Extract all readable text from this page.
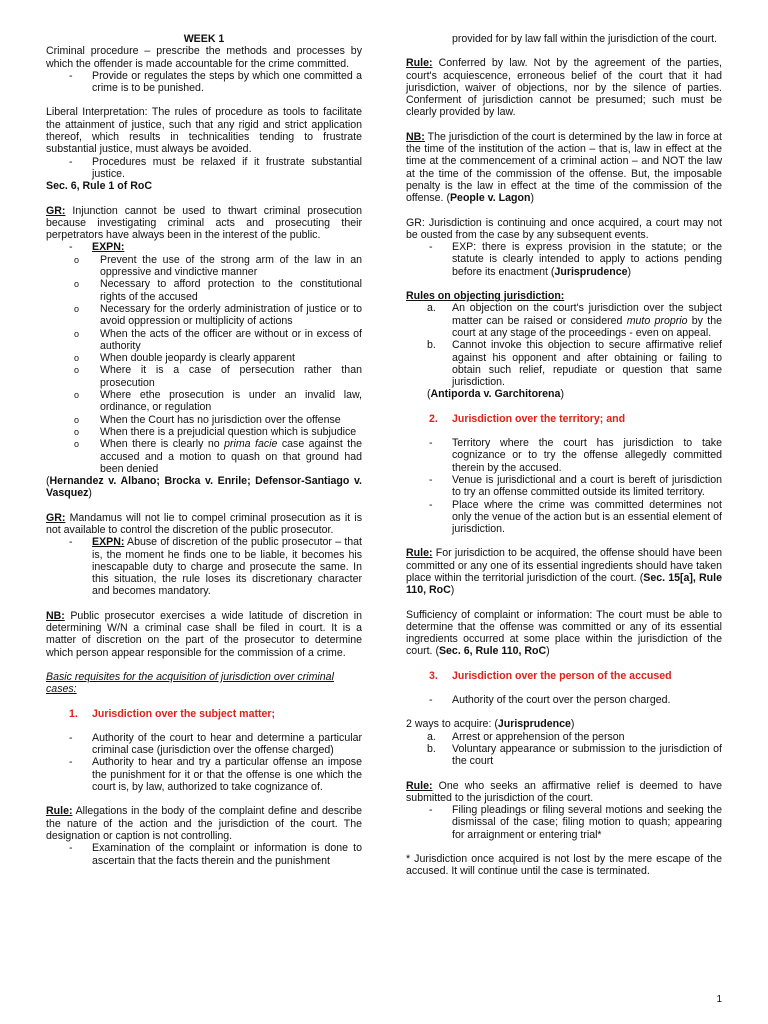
WEEK 1

Criminal procedure – prescribe the methods and processes by which the offender is made accountable for the crime committed.

-	Provide or regulates the steps by which one committed a crime is to be punished.

Liberal Interpretation: The rules of procedure as tools to facilitate the attainment of justice, such that any rigid and strict application thereof, which results in technicalities tending to frustrate substantial justice, must always be avoided.

-	Procedures must be relaxed if it frustrate substantial justice.

Sec. 6, Rule 1 of RoC

GR: Injunction cannot be used to thwart criminal prosecution because investigating criminal acts and prosecuting their perpetrators have always been in the interest of the public.

-	EXPN:
o	Prevent the use of the strong arm of the law in an oppressive and vindictive manner
o	Necessary to afford protection to the constitutional rights of the accused
o	Necessary for the orderly administration of justice or to avoid oppression or multiplicity of actions
o	When the acts of the officer are without or in excess of authority
o	When double jeopardy is clearly apparent
o	Where it is a case of persecution rather than prosecution
o	Where ethe prosecution is under an invalid law, ordinance, or regulation
o	When the Court has no jurisdiction over the offense
o	When there is a prejudicial question which is subjudice
o	When there is clearly no prima facie case against the accused and a motion to quash on that ground had been denied

(Hernandez v. Albano; Brocka v. Enrile; Defensor-Santiago v. Vasquez)

GR: Mandamus will not lie to compel criminal prosecution as it is not available to control the discretion of the public prosecutor.

-	EXPN: Abuse of discretion of the public prosecutor – that is, the moment he finds one to be liable, it becomes his inescapable duty to charge and prosecute the same. In this situation, the rule loses its discretionary character and becomes mandatory.

NB: Public prosecutor exercises a wide latitude of discretion in determining W/N a criminal case shall be filed in court. It is a matter of discretion on the part of the prosecutor to determine which person appear responsible for the commission of a crime.

Basic requisites for the acquisition of jurisdiction over criminal cases:

1.	Jurisdiction over the subject matter;
-	Authority of the court to hear and determine a particular criminal case (jurisdiction over the offense charged)
-	Authority to hear and try a particular offense an impose the punishment for it or that the offense is one which the court is, by law, authorized to take cognizance of.

Rule: Allegations in the body of the complaint define and describe the nature of the action and the jurisdiction of the court. The designation or caption is not controlling.

-	Examination of the complaint or information is done to ascertain that the facts therein and the punishment
provided for by law fall within the jurisdiction of the court.

Rule: Conferred by law. Not by the agreement of the parties, court's acquiescence, erroneous belief of the court that it had jurisdiction, waiver of objections, nor by the silence of parties. Conferment of jurisdiction cannot be presumed; such must be clearly provided by law.

NB: The jurisdiction of the court is determined by the law in force at the time of the institution of the action – that is, law in effect at the time at the commencement of a criminal action – and NOT the law at the time of the commission of the offense. But, the imposable penalty is the law in effect at the time of the commission of the offense. (People v. Lagon)

GR: Jurisdiction is continuing and once acquired, a court may not be ousted from the case by any subsequent events.

-	EXP: there is express provision in the statute; or the statute is clearly intended to apply to actions pending before its enactment (Jurisprudence)

Rules on objecting jurisdiction:

a. An objection on the court's jurisdiction over the subject matter can be raised or considered muto proprio by the court at any stage of the proceedings - even on appeal.
b. Cannot invoke this objection to secure affirmative relief against his opponent and after obtaining or failing to obtain such relief, repudiate or question that same jurisdiction.
(Antiporda v. Garchitorena)
2.	Jurisdiction over the territory; and
-	Territory where the court has jurisdiction to take cognizance or to try the offense allegedly committed therein by the accused.
-	Venue is jurisdictional and a court is bereft of jurisdiction to try an offense committed outside its limited territory.
-	Place where the crime was committed determines not only the venue of the action but is an essential element of jurisdiction.

Rule: For jurisdiction to be acquired, the offense should have been committed or any one of its essential ingredients should have taken place within the territorial jurisdiction of the court. (Sec. 15[a], Rule 110, RoC)

Sufficiency of complaint or information: The court must be able to determine that the offense was committed or any of its essential ingredients occurred at some place within the jurisdiction of the court. (Sec. 6, Rule 110, RoC)

3.	Jurisdiction over the person of the accused
-	Authority of the court over the person charged.

2 ways to acquire: (Jurisprudence)

a. Arrest or apprehension of the person
b. Voluntary appearance or submission to the jurisdiction of the court

Rule: One who seeks an affirmative relief is deemed to have submitted to the jurisdiction of the court.

-	Filing pleadings or filing several motions and seeking the dismissal of the case; filing motion to quash; appearing for arraignment or entering trial*

* Jurisdiction once acquired is not lost by the mere escape of the accused. It will continue until the case is terminated.

1
